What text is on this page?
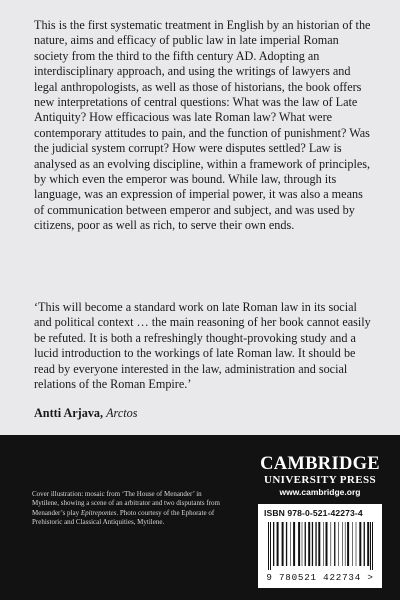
This is the first systematic treatment in English by an historian of the nature, aims and efficacy of public law in late imperial Roman society from the third to the fifth century AD. Adopting an interdisciplinary approach, and using the writings of lawyers and legal anthropologists, as well as those of historians, the book offers new interpretations of central questions: What was the law of Late Antiquity? How efficacious was late Roman law? What were contemporary attitudes to pain, and the function of punishment? Was the judicial system corrupt? How were disputes settled? Law is analysed as an evolving discipline, within a framework of principles, by which even the emperor was bound. While law, through its language, was an expression of imperial power, it was also a means of communication between emperor and subject, and was used by citizens, poor as well as rich, to serve their own ends.

‘This will become a standard work on late Roman law in its social and political context … the main reasoning of her book cannot easily be refuted. It is both a refreshingly thought-provoking study and a lucid introduction to the workings of late Roman law. It should be read by everyone interested in the law, administration and social relations of the Roman Empire.’

Antti Arjava, Arctos

Cover illustration: mosaic from ‘The House of Menander’ in Mytilene, showing a scene of an arbitrator and two disputants from Menander’s play Epitrepontes. Photo courtesy of the Ephorate of Prehistoric and Classical Antiquities, Mytilene.
CAMBRIDGE
UNIVERSITY PRESS
www.cambridge.org
ISBN 978-0-521-42273-4
9 780521 422734 >
